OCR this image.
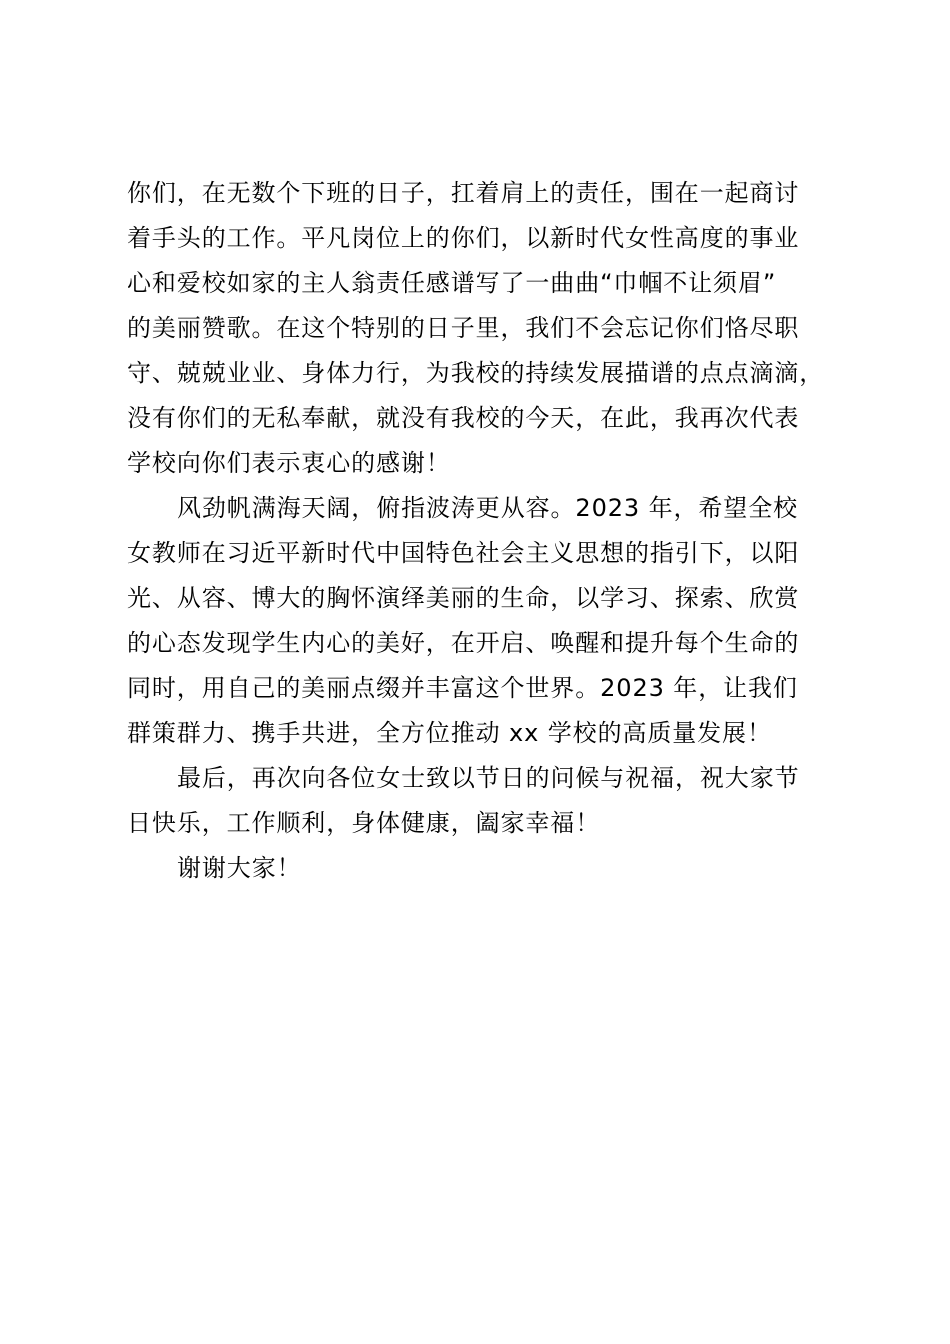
你们，在无数个下班的日子，扛着肩上的责任，围在一起商讨
着手头的工作。平凡岗位上的你们，以新时代女性高度的事业
心和爱校如家的主人翁责任感谱写了一曲曲“巾帼不让须眉”
的美丽赞歌。在这个特别的日子里，我们不会忘记你们恪尽职
守、兢兢业业、身体力行，为我校的持续发展描谱的点点滴滴，
没有你们的无私奉献，就没有我校的今天，在此，我再次代表
学校向你们表示衷心的感谢！
风劲帆满海天阔，俯指波涛更从容。2023 年，希望全校
女教师在习近平新时代中国特色社会主义思想的指引下，以阳
光、从容、博大的胸怀演绎美丽的生命，以学习、探索、欣赏
的心态发现学生内心的美好，在开启、唤醒和提升每个生命的
同时，用自己的美丽点缀并丰富这个世界。2023 年，让我们
群策群力、携手共进，全方位推动 xx 学校的高质量发展！
最后，再次向各位女士致以节日的问候与祝福，祝大家节
日快乐，工作顺利，身体健康，阖家幸福！
谢谢大家！
